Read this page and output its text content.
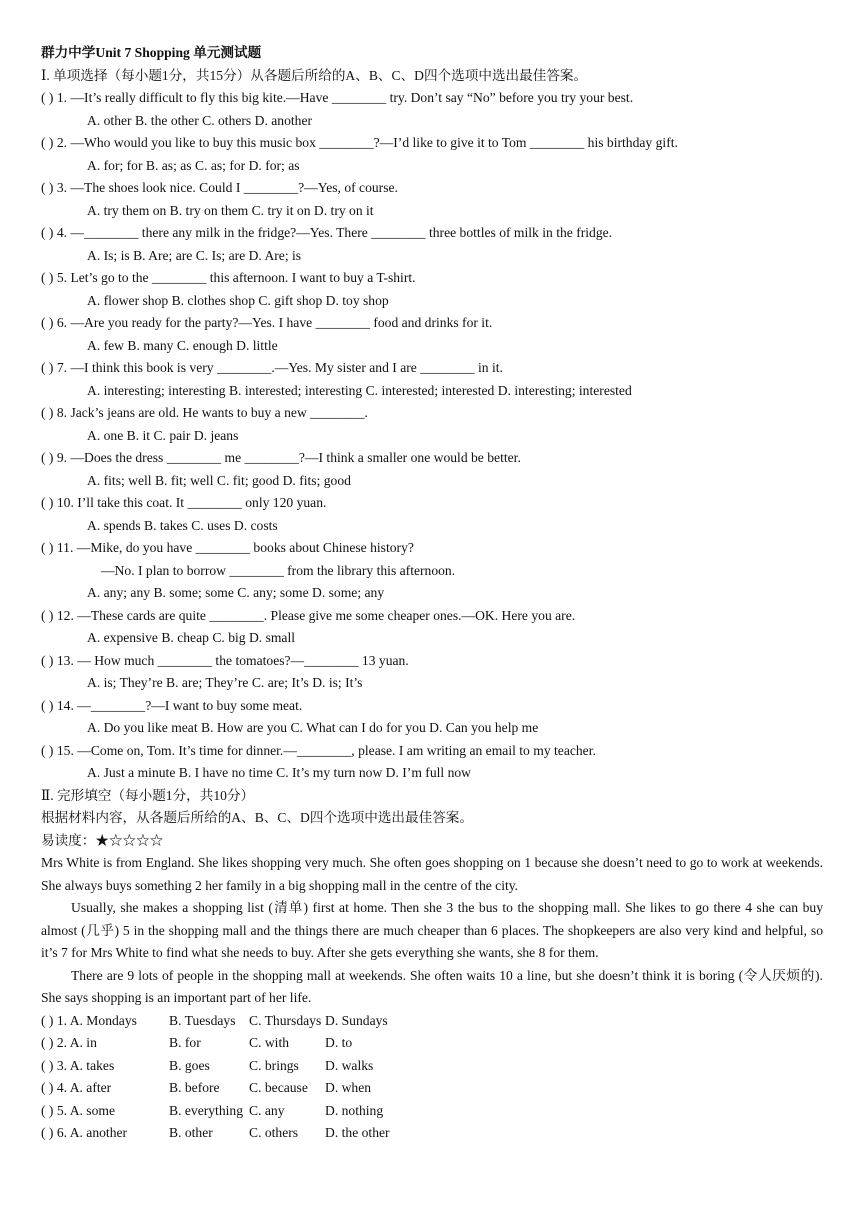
群力中学Unit 7 Shopping 单元测试题
Ⅰ. 单项选择（每小题1分，共15分）从各题后所给的A、B、C、D四个选项中选出最佳答案。
( ) 1. —It’s really difficult to fly this big kite.—Have ________ try. Don’t say “No” before you try your best.
A. other B. the other C. others D. another
( ) 2. —Who would you like to buy this music box ________?—I’d like to give it to Tom ________ his birthday gift.
A. for; for B. as; as C. as; for D. for; as
( ) 3. —The shoes look nice. Could I ________?—Yes, of course.
A. try them on B. try on them C. try it on D. try on it
( ) 4. —________ there any milk in the fridge?—Yes. There ________ three bottles of milk in the fridge.
A. Is; is B. Are; are C. Is; are D. Are; is
( ) 5. Let’s go to the ________ this afternoon. I want to buy a T-shirt.
A. flower shop B. clothes shop C. gift shop D. toy shop
( ) 6. —Are you ready for the party?—Yes. I have ________ food and drinks for it.
A. few B. many C. enough D. little
( ) 7. —I think this book is very ________.—Yes. My sister and I are ________ in it.
A. interesting; interesting B. interested; interesting C. interested; interested D. interesting; interested
( ) 8. Jack’s jeans are old. He wants to buy a new ________.
A. one B. it C. pair D. jeans
( ) 9. —Does the dress ________ me ________?—I think a smaller one would be better.
A. fits; well B. fit; well C. fit; good D. fits; good
( ) 10. I’ll take this coat. It ________ only 120 yuan.
A. spends B. takes C. uses D. costs
( ) 11. —Mike, do you have ________ books about Chinese history?
—No. I plan to borrow ________ from the library this afternoon.
A. any; any B. some; some C. any; some D. some; any
( ) 12. —These cards are quite ________. Please give me some cheaper ones.—OK. Here you are.
A. expensive B. cheap C. big D. small
( ) 13. — How much ________ the tomatoes?—________ 13 yuan.
A. is; They’re B. are; They’re C. are; It’s D. is; It’s
( ) 14. —________?—I want to buy some meat.
A. Do you like meat B. How are you C. What can I do for you D. Can you help me
( ) 15. —Come on, Tom. It’s time for dinner.—________, please. I am writing an email to my teacher.
A. Just a minute B. I have no time C. It’s my turn now D. I’m full now
Ⅱ. 完形填空（每小题1分，共10分）
根据材料内容，从各题后所给的A、B、C、D四个选项中选出最佳答案。
易读度：★☆☆☆☆
Mrs White is from England. She likes shopping very much. She often goes shopping on 1 because she doesn’t need to go to work at weekends. She always buys something 2 her family in a big shopping mall in the centre of the city.
Usually, she makes a shopping list (清单) first at home. Then she 3 the bus to the shopping mall. She likes to go there 4 she can buy almost (几乎) 5 in the shopping mall and the things there are much cheaper than 6 places. The shopkeepers are also very kind and helpful, so it’s 7 for Mrs White to find what she needs to buy. After she gets everything she wants, she 8 for them.
There are 9 lots of people in the shopping mall at weekends. She often waits 10 a line, but she doesn’t think it is boring (令人厌烦的). She says shopping is an important part of her life.
( ) 1. A. Mondays B. Tuesdays C. Thursdays D. Sundays
( ) 2. A. in	B. for	C. with	D. to
( ) 3. A. takes	B. goes	C. brings D. walks
( ) 4. A. after	B. before C. because D. when
( ) 5. A. some	B. everything C. any	D. nothing
( ) 6. A. another	B. other	C. others D. the other
